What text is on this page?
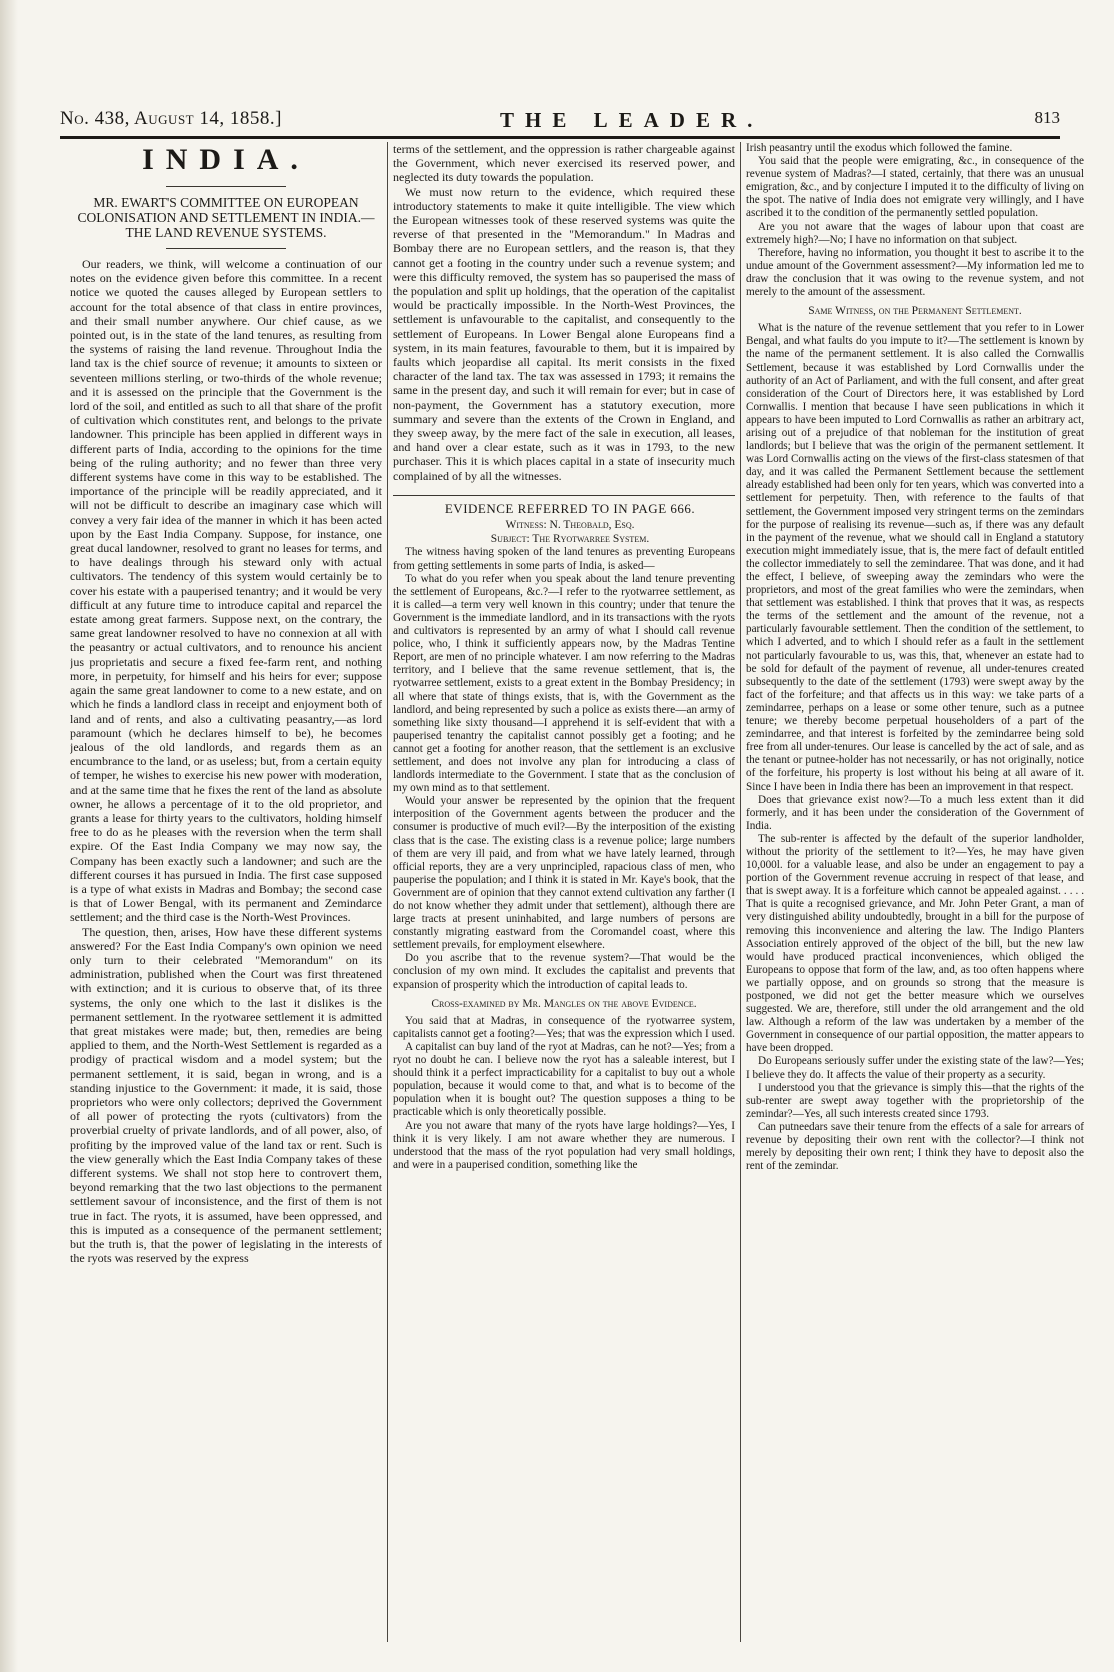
No. 438, August 14, 1858.]	THE LEADER.	813
INDIA.

MR. EWART'S COMMITTEE ON EUROPEAN COLONISATION AND SETTLEMENT IN INDIA.—THE LAND REVENUE SYSTEMS.

Our readers, we think, will welcome a continuation of our notes on the evidence given before this committee. In a recent notice we quoted the causes alleged by European settlers to account for the total absence of that class in entire provinces, and their small number anywhere. Our chief cause, as we pointed out, is in the state of the land tenures, as resulting from the systems of raising the land revenue. Throughout India the land tax is the chief source of revenue; it amounts to sixteen or seventeen millions sterling, or two-thirds of the whole revenue; and it is assessed on the principle that the Government is the lord of the soil, and entitled as such to all that share of the profit of cultivation which constitutes rent, and belongs to the private landowner. This principle has been applied in different ways in different parts of India, according to the opinions for the time being of the ruling authority; and no fewer than three very different systems have come in this way to be established. The importance of the principle will be readily appreciated, and it will not be difficult to describe an imaginary case which will convey a very fair idea of the manner in which it has been acted upon by the East India Company. Suppose, for instance, one great ducal landowner, resolved to grant no leases for terms, and to have dealings through his steward only with actual cultivators. The tendency of this system would certainly be to cover his estate with a pauperised tenantry; and it would be very difficult at any future time to introduce capital and reparcel the estate among great farmers. Suppose next, on the contrary, the same great landowner resolved to have no connexion at all with the peasantry or actual cultivators, and to renounce his ancient jus proprietatis and secure a fixed fee-farm rent, and nothing more, in perpetuity, for himself and his heirs for ever; suppose again the same great landowner to come to a new estate, and on which he finds a landlord class in receipt and enjoyment both of land and of rents, and also a cultivating peasantry,—as lord paramount (which he declares himself to be), he becomes jealous of the old landlords, and regards them as an encumbrance to the land, or as useless; but, from a certain equity of temper, he wishes to exercise his new power with moderation, and at the same time that he fixes the rent of the land as absolute owner, he allows a percentage of it to the old proprietor, and grants a lease for thirty years to the cultivators, holding himself free to do as he pleases with the reversion when the term shall expire. Of the East India Company we may now say, the Company has been exactly such a landowner; and such are the different courses it has pursued in India. The first case supposed is a type of what exists in Madras and Bombay; the second case is that of Lower Bengal, with its permanent and Zemindarce settlement; and the third case is the North-West Provinces.

The question, then, arises, How have these different systems answered? For the East India Company's own opinion we need only turn to their celebrated "Memorandum" on its administration, published when the Court was first threatened with extinction; and it is curious to observe that, of its three systems, the only one which to the last it dislikes is the permanent settlement. In the ryotwaree settlement it is admitted that great mistakes were made; but, then, remedies are being applied to them, and the North-West Settlement is regarded as a prodigy of practical wisdom and a model system; but the permanent settlement, it is said, began in wrong, and is a standing injustice to the Government: it made, it is said, those proprietors who were only collectors; deprived the Government of all power of protecting the ryots (cultivators) from the proverbial cruelty of private landlords, and of all power, also, of profiting by the improved value of the land tax or rent. Such is the view generally which the East India Company takes of these different systems. We shall not stop here to controvert them, beyond remarking that the two last objections to the permanent settlement savour of inconsistence, and the first of them is not true in fact. The ryots, it is assumed, have been oppressed, and this is imputed as a consequence of the permanent settlement; but the truth is, that the power of legislating in the interests of the ryots was reserved by the express

terms of the settlement, and the oppression is rather chargeable against the Government, which never exercised its reserved power, and neglected its duty towards the population.

We must now return to the evidence, which required these introductory statements to make it quite intelligible. The view which the European witnesses took of these reserved systems was quite the reverse of that presented in the "Memorandum." In Madras and Bombay there are no European settlers, and the reason is, that they cannot get a footing in the country under such a revenue system; and were this difficulty removed, the system has so pauperised the mass of the population and split up holdings, that the operation of the capitalist would be practically impossible. In the North-West Provinces, the settlement is unfavourable to the capitalist, and consequently to the settlement of Europeans. In Lower Bengal alone Europeans find a system, in its main features, favourable to them, but it is impaired by faults which jeopardise all capital. Its merit consists in the fixed character of the land tax. The tax was assessed in 1793; it remains the same in the present day, and such it will remain for ever; but in case of non-payment, the Government has a statutory execution, more summary and severe than the extents of the Crown in England, and they sweep away, by the mere fact of the sale in execution, all leases, and hand over a clear estate, such as it was in 1793, to the new purchaser. This it is which places capital in a state of insecurity much complained of by all the witnesses.

EVIDENCE REFERRED TO IN PAGE 666.

Witness: N. Theobald, Esq.

Subject: The Ryotwarree System.

The witness having spoken of the land tenures as preventing Europeans from getting settlements in some parts of India, is asked—

To what do you refer when you speak about the land tenure preventing the settlement of Europeans, &c.?—I refer to the ryotwarree settlement, as it is called—a term very well known in this country; under that tenure the Government is the immediate landlord, and in its transactions with the ryots and cultivators is represented by an army of what I should call revenue police, who, I think it sufficiently appears now, by the Madras Tentine Report, are men of no principle whatever. I am now referring to the Madras territory, and I believe that the same revenue settlement, that is, the ryotwarree settlement, exists to a great extent in the Bombay Presidency; in all where that state of things exists, that is, with the Government as the landlord, and being represented by such a police as exists there—an army of something like sixty thousand—I apprehend it is self-evident that with a pauperised tenantry the capitalist cannot possibly get a footing; and he cannot get a footing for another reason, that the settlement is an exclusive settlement, and does not involve any plan for introducing a class of landlords intermediate to the Government. I state that as the conclusion of my own mind as to that settlement.

Would your answer be represented by the opinion that the frequent interposition of the Government agents between the producer and the consumer is productive of much evil?—By the interposition of the existing class that is the case. The existing class is a revenue police; large numbers of them are very ill paid, and from what we have lately learned, through official reports, they are a very unprincipled, rapacious class of men, who pauperise the population; and I think it is stated in Mr. Kaye's book, that the Government are of opinion that they cannot extend cultivation any farther (I do not know whether they admit under that settlement), although there are large tracts at present uninhabited, and large numbers of persons are constantly migrating eastward from the Coromandel coast, where this settlement prevails, for employment elsewhere.

Do you ascribe that to the revenue system?—That would be the conclusion of my own mind. It excludes the capitalist and prevents that expansion of prosperity which the introduction of capital leads to.

Cross-examined by Mr. Mangles on the above Evidence.

You said that at Madras, in consequence of the ryotwarree system, capitalists cannot get a footing?—Yes; that was the expression which I used.

A capitalist can buy land of the ryot at Madras, can he not?—Yes; from a ryot no doubt he can. I believe now the ryot has a saleable interest, but I should think it a perfect impracticability for a capitalist to buy out a whole population, because it would come to that, and what is to become of the population when it is bought out? The question supposes a thing to be practicable which is only theoretically possible.

Are you not aware that many of the ryots have large holdings?—Yes, I think it is very likely. I am not aware whether they are numerous. I understood that the mass of the ryot population had very small holdings, and were in a pauperised condition, something like the

Irish peasantry until the exodus which followed the famine.

You said that the people were emigrating, &c., in consequence of the revenue system of Madras?—I stated, certainly, that there was an unusual emigration, &c., and by conjecture I imputed it to the difficulty of living on the spot. The native of India does not emigrate very willingly, and I have ascribed it to the condition of the permanently settled population.

Are you not aware that the wages of labour upon that coast are extremely high?—No; I have no information on that subject.

Therefore, having no information, you thought it best to ascribe it to the undue amount of the Government assessment?—My information led me to draw the conclusion that it was owing to the revenue system, and not merely to the amount of the assessment.

Same Witness, on the Permanent Settlement.

What is the nature of the revenue settlement that you refer to in Lower Bengal, and what faults do you impute to it?—The settlement is known by the name of the permanent settlement. It is also called the Cornwallis Settlement, because it was established by Lord Cornwallis under the authority of an Act of Parliament, and with the full consent, and after great consideration of the Court of Directors here, it was established by Lord Cornwallis. I mention that because I have seen publications in which it appears to have been imputed to Lord Cornwallis as rather an arbitrary act, arising out of a prejudice of that nobleman for the institution of great landlords; but I believe that was the origin of the permanent settlement. It was Lord Cornwallis acting on the views of the first-class statesmen of that day, and it was called the Permanent Settlement because the settlement already established had been only for ten years, which was converted into a settlement for perpetuity. Then, with reference to the faults of that settlement, the Government imposed very stringent terms on the zemindars for the purpose of realising its revenue—such as, if there was any default in the payment of the revenue, what we should call in England a statutory execution might immediately issue, that is, the mere fact of default entitled the collector immediately to sell the zemindaree. That was done, and it had the effect, I believe, of sweeping away the zemindars who were the proprietors, and most of the great families who were the zemindars, when that settlement was established. I think that proves that it was, as respects the terms of the settlement and the amount of the revenue, not a particularly favourable settlement. Then the condition of the settlement, to which I adverted, and to which I should refer as a fault in the settlement not particularly favourable to us, was this, that, whenever an estate had to be sold for default of the payment of revenue, all under-tenures created subsequently to the date of the settlement (1793) were swept away by the fact of the forfeiture; and that affects us in this way: we take parts of a zemindarree, perhaps on a lease or some other tenure, such as a putnee tenure; we thereby become perpetual householders of a part of the zemindarree, and that interest is forfeited by the zemindarree being sold free from all under-tenures. Our lease is cancelled by the act of sale, and as the tenant or putnee-holder has not necessarily, or has not originally, notice of the forfeiture, his property is lost without his being at all aware of it. Since I have been in India there has been an improvement in that respect.

Does that grievance exist now?—To a much less extent than it did formerly, and it has been under the consideration of the Government of India.

The sub-renter is affected by the default of the superior landholder, without the priority of the settlement to it?—Yes, he may have given 10,000l. for a valuable lease, and also be under an engagement to pay a portion of the Government revenue accruing in respect of that lease, and that is swept away. It is a forfeiture which cannot be appealed against. . . . . That is quite a recognised grievance, and Mr. John Peter Grant, a man of very distinguished ability undoubtedly, brought in a bill for the purpose of removing this inconvenience and altering the law. The Indigo Planters Association entirely approved of the object of the bill, but the new law would have produced practical inconveniences, which obliged the Europeans to oppose that form of the law, and, as too often happens where we partially oppose, and on grounds so strong that the measure is postponed, we did not get the better measure which we ourselves suggested. We are, therefore, still under the old arrangement and the old law. Although a reform of the law was undertaken by a member of the Government in consequence of our partial opposition, the matter appears to have been dropped.

Do Europeans seriously suffer under the existing state of the law?—Yes; I believe they do. It affects the value of their property as a security.

I understood you that the grievance is simply this—that the rights of the sub-renter are swept away together with the proprietorship of the zemindar?—Yes, all such interests created since 1793.

Can putneedars save their tenure from the effects of a sale for arrears of revenue by depositing their own rent with the collector?—I think not merely by depositing their own rent; I think they have to deposit also the rent of the zemindar.
